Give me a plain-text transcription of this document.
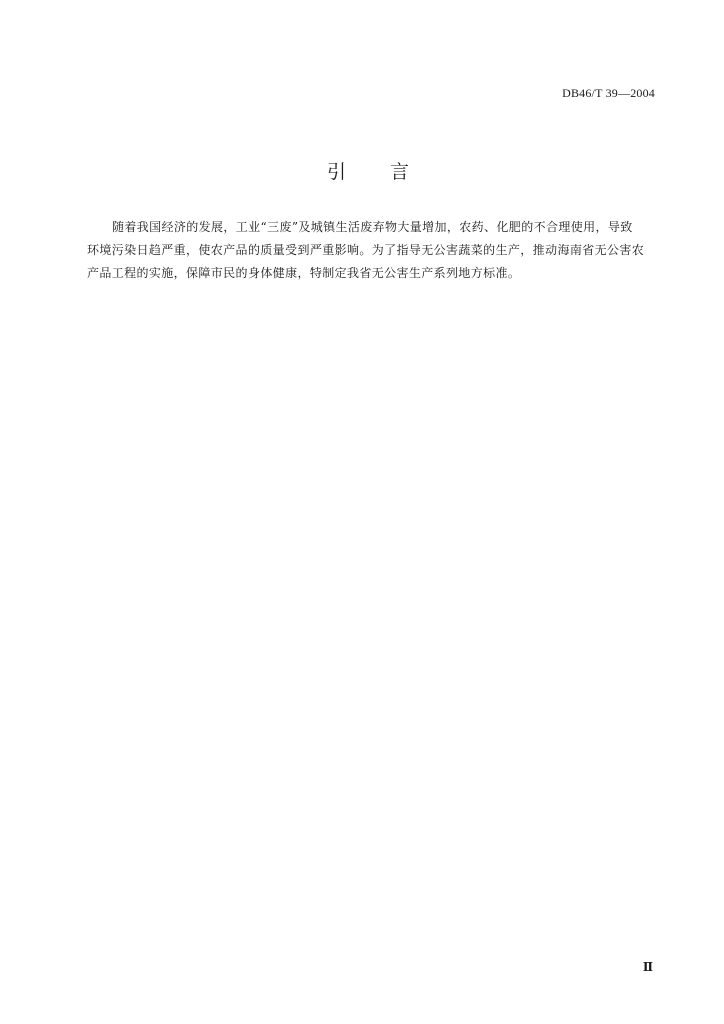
DB46/T 39—2004
引 言
随着我国经济的发展，工业“三废”及城镇生活废弃物大量增加，农药、化肥的不合理使用，导致
环境污染日趋严重，使农产品的质量受到严重影响。为了指导无公害蔬菜的生产，推动海南省无公害农
产品工程的实施，保障市民的身体健康，特制定我省无公害生产系列地方标准。
Ⅱ
